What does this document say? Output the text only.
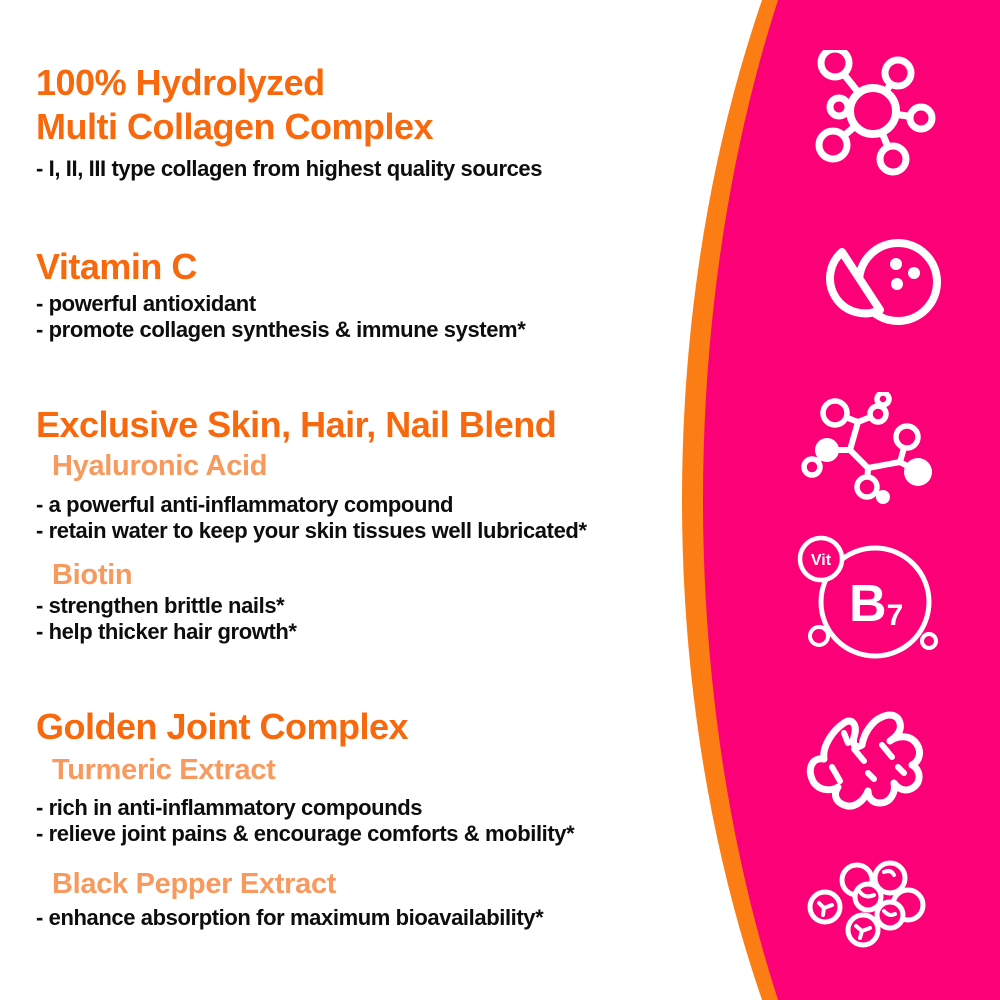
100% Hydrolyzed
Multi Collagen Complex
- I, II, III type collagen from highest quality sources
Vitamin C
- powerful antioxidant
- promote collagen synthesis & immune system*
Exclusive Skin, Hair, Nail Blend
Hyaluronic Acid
- a powerful anti-inflammatory compound
- retain water to keep your skin tissues well lubricated*
Biotin
- strengthen brittle nails*
- help thicker hair growth*
Golden Joint Complex
Turmeric Extract
- rich in anti-inflammatory compounds
- relieve joint pains & encourage comforts & mobility*
Black Pepper Extract
- enhance absorption for maximum bioavailability*
Vit
B7
